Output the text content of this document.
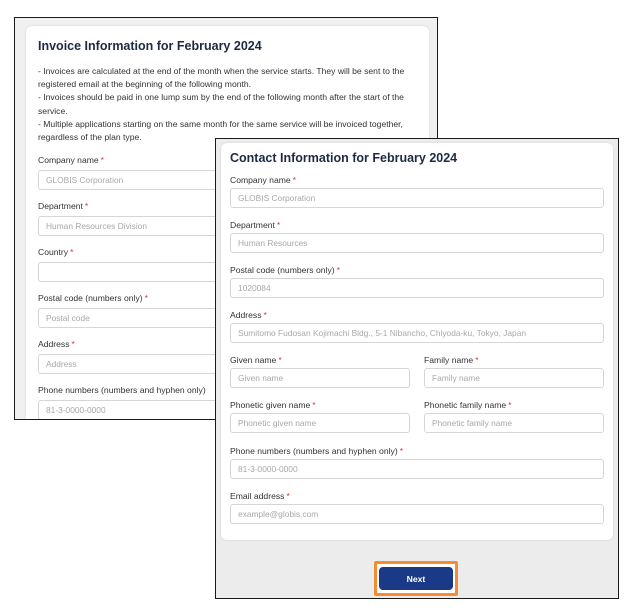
Invoice Information for February 2024

- Invoices are calculated at the end of the month when the service starts. They will be sent to the registered email at the beginning of the following month.

- Invoices should be paid in one lump sum by the end of the following month after the start of the service.

- Multiple applications starting on the same month for the same service will be invoiced together, regardless of the plan type.

Company name *
GLOBIS Corporation
Department *
Human Resources Division
Country *
Postal code (numbers only) *
Postal code
Address *
Address
Phone numbers (numbers and hyphen only)
81-3-0000-0000
Contact Information for February 2024
Company name *
GLOBIS Corporation
Department *
Human Resources
Postal code (numbers only) *
1020084
Address *
Sumitomo Fudosan Kojimachi Bldg., 5-1 Nibancho, Chiyoda-ku, Tokyo, Japan
Given name *
Given name	Family name *
Family name
Phonetic given name *
Phonetic given name	Phonetic family name *
Phonetic family name
Phone numbers (numbers and hyphen only) *
81-3-0000-0000
Email address *
example@globis.com
Next
